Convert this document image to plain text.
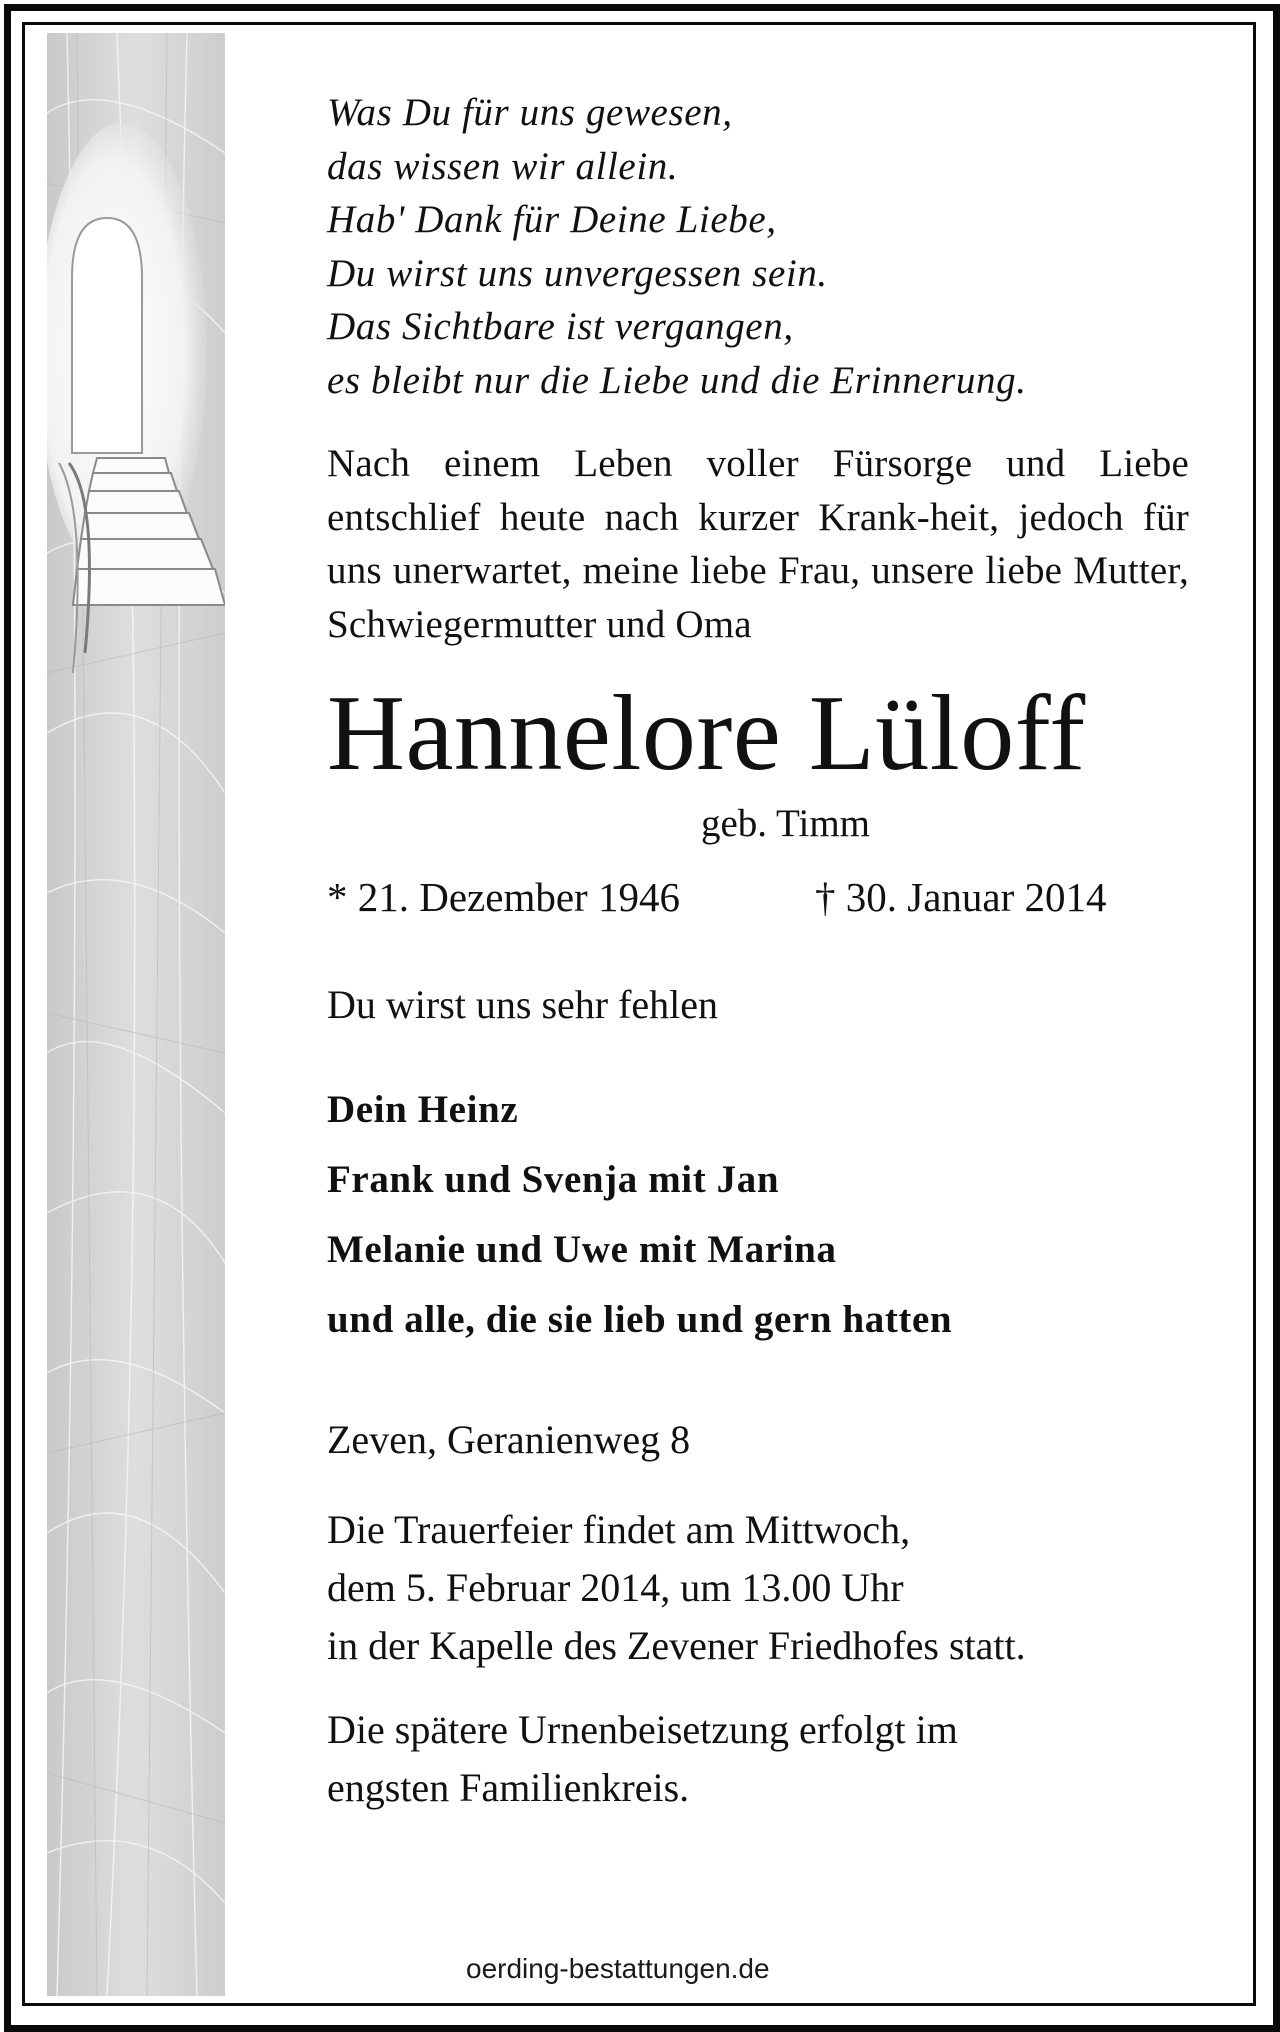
Was Du für uns gewesen,
das wissen wir allein.
Hab' Dank für Deine Liebe,
Du wirst uns unvergessen sein.
Das Sichtbare ist vergangen,
es bleibt nur die Liebe und die Erinnerung.
Nach einem Leben voller Fürsorge und Liebe entschlief heute nach kurzer Krank-heit, jedoch für uns unerwartet, meine liebe Frau, unsere liebe Mutter, Schwiegermutter und Oma
Hannelore Lüloff
geb. Timm
* 21. Dezember 1946	† 30. Januar 2014
Du wirst uns sehr fehlen
Dein Heinz
Frank und Svenja mit Jan
Melanie und Uwe mit Marina
und alle, die sie lieb und gern hatten
Zeven, Geranienweg 8
Die Trauerfeier findet am Mittwoch,
dem 5. Februar 2014, um 13.00 Uhr
in der Kapelle des Zevener Friedhofes statt.
Die spätere Urnenbeisetzung erfolgt im
engsten Familienkreis.
oerding-bestattungen.de
